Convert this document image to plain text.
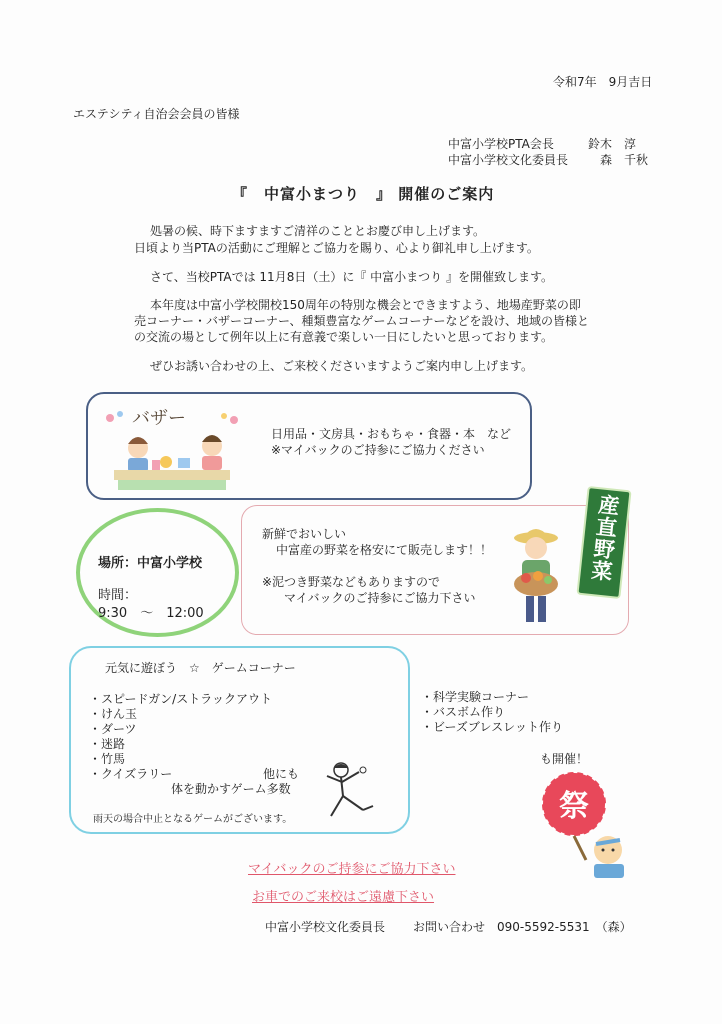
令和7年　9月吉日
エステシティ自治会会員の皆様
中富小学校PTA会長	鈴木　淳
中富小学校文化委員長	森　千秋
『　中富小まつり　』 開催のご案内
処暑の候、時下ますますご清祥のこととお慶び申し上げます。
日頃より当PTAの活動にご理解とご協力を賜り、心より御礼申し上げます。
さて、当校PTAでは 11月8日（土）に『 中富小まつり 』を開催致します。
本年度は中富小学校開校150周年の特別な機会とできますよう、地場産野菜の即
売コーナー・バザーコーナー、種類豊富なゲームコーナーなどを設け、地域の皆様と
の交流の場として例年以上に有意義で楽しい一日にしたいと思っております。
ぜひお誘い合わせの上、ご来校くださいますようご案内申し上げます。
バザー
日用品・文房具・おもちゃ・食器・本　など
※マイバックのご持参にご協力ください
場所：中富小学校
時間：
9:30　～　12:00
新鮮でおいしい
中富産の野菜を格安にて販売します！！
※泥つき野菜などもありますので
マイバックのご持参にご協力下さい
産直野菜
元気に遊ぼう　☆　ゲームコーナー
・スピードガン/ストラックアウト
・けん玉
・ダーツ
・迷路
・竹馬
・クイズラリー	他にも
体を動かすゲーム多数
雨天の場合中止となるゲームがございます。
・科学実験コーナー
・バスボム作り
・ビーズブレスレット作り
も開催！
祭
マイバックのご持参にご協力下さい
お車でのご来校はご遠慮下さい
中富小学校文化委員長 お問い合わせ　090-5592-5531　（森）
